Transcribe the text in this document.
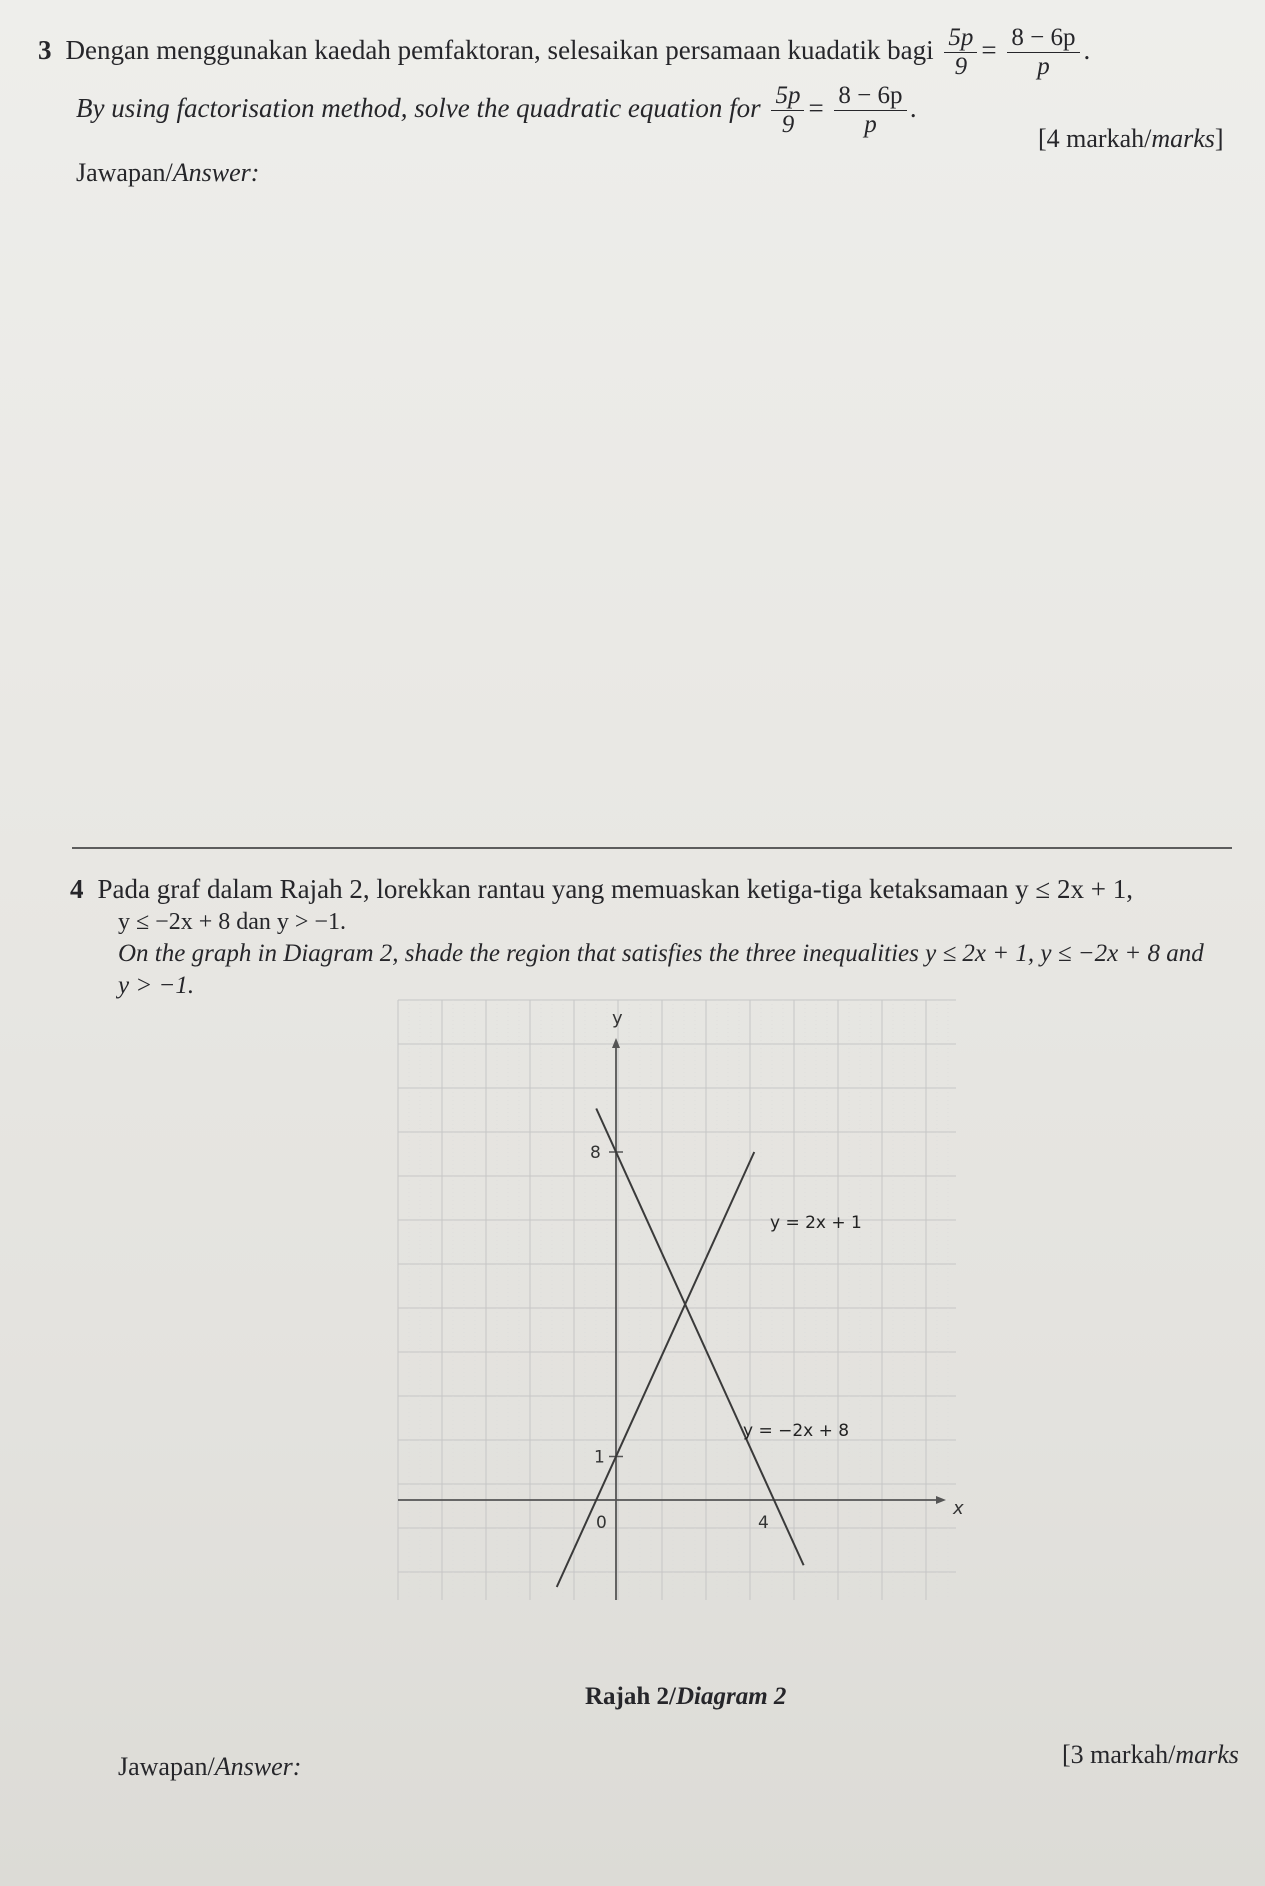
3 Dengan menggunakan kaedah pemfaktoran, selesaikan persamaan kuadatik bagi $\frac{5p}{9} = \frac{8 - 6p}{p}$ .
By using factorisation method, solve the quadratic equation for $\frac{5p}{9} = \frac{8 - 6p}{p}$ .
[4 markah/marks]
Jawapan/Answer:
4 Pada graf dalam Rajah 2, lorekkan rantau yang memuaskan ketiga-tiga ketaksamaan y ≤ 2x + 1,
y ≤ −2x + 8 dan y > −1.
On the graph in Diagram 2, shade the region that satisfies the three inequalities y ≤ 2x + 1, y ≤ −2x + 8 and
y > −1.
y
x
8
1
4
0
y = 2x + 1
y = −2x + 8
Rajah 2/Diagram 2
Jawapan/Answer:	[3 markah/marks
